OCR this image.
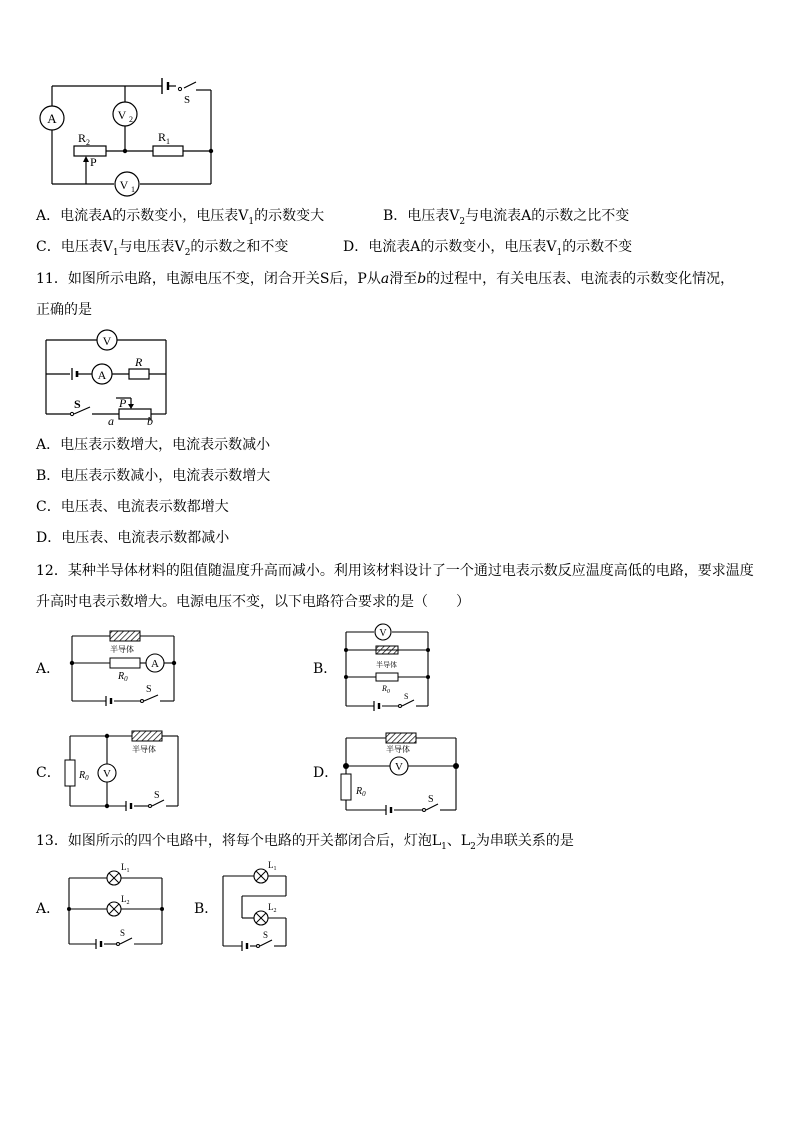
A	V 2
V 1
R 2	R 1
P
S
A．电流表A的示数变小，电压表$V_1$的示数变大	B．电压表$V_2$与电流表A的示数之比不变
C．电压表$V_1$与电压表$V_2$的示数之和不变	D．电流表A的示数变小，电压表$V_1$的示数不变
11．如图所示电路，电源电压不变，闭合开关S后，P从a滑至b的过程中，有关电压表、电流表的示数变化情况，
正确的是
V
A
R
S	P
a	b
A．电压表示数增大，电流表示数减小
B．电压表示数减小，电流表示数增大
C．电压表、电流表示数都增大
D．电压表、电流表示数都减小
12．某种半导体材料的阻值随温度升高而减小。利用该材料设计了一个通过电表示数反应温度高低的电路，要求温度
升高时电表示数增大。电源电压不变，以下电路符合要求的是（　　）
A．	A
半导体
$R_0$
S
B．
V
半导体
$R_0$ S
C．	V
半导体
$R_0$
S
D．	V
半导体
$R_0$	S
13．如图所示的四个电路中，将每个电路的开关都闭合后，灯泡$L_1$、$L_2$为串联关系的是
A．
$L_1$
$L_2$
S
B．
$L_1$
$L_2$
S
